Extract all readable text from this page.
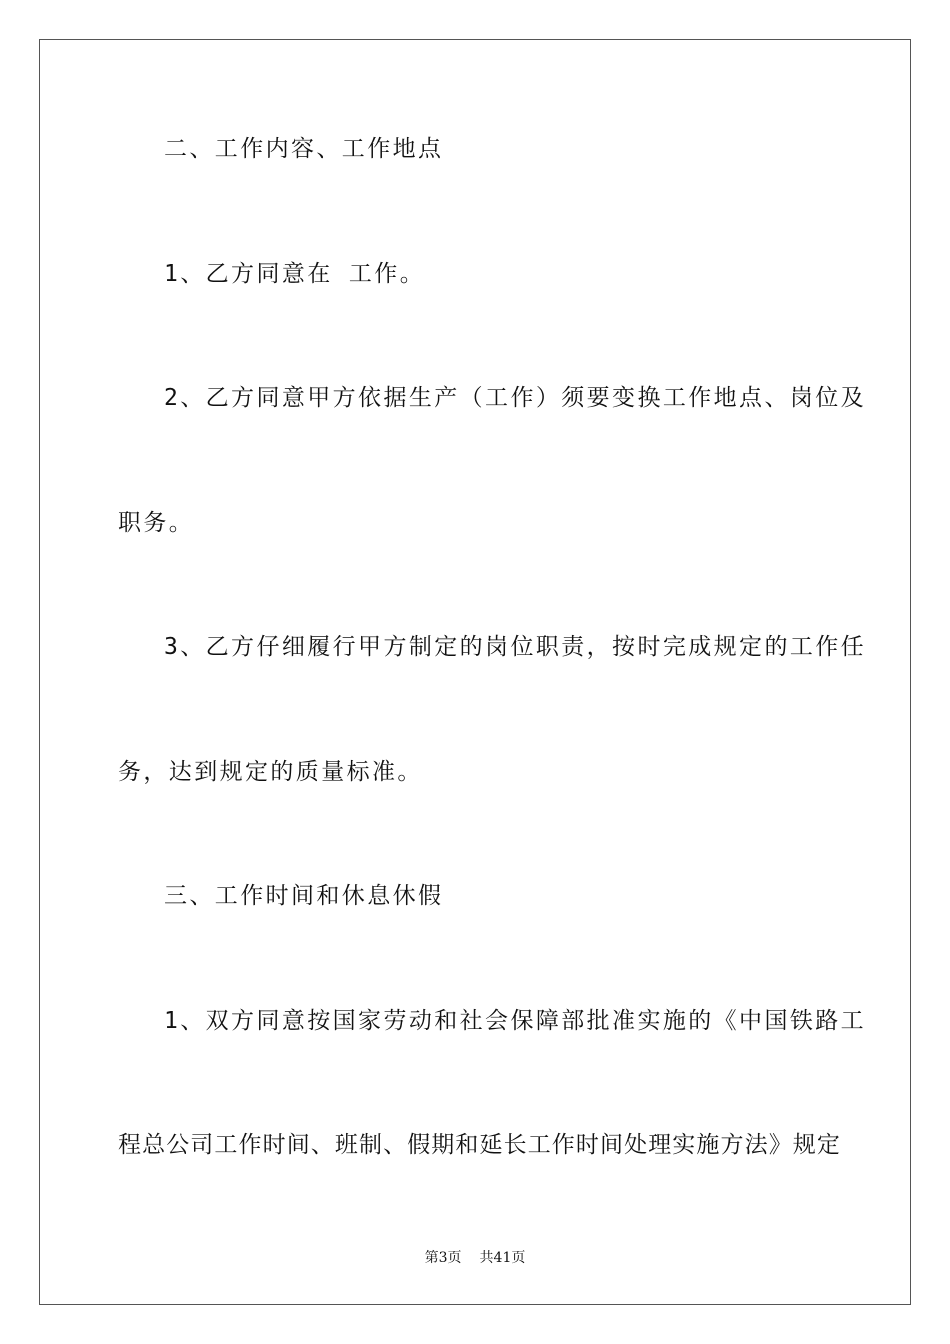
二、工作内容、工作地点
1、乙方同意在 工作。
2、乙方同意甲方依据生产（工作）须要变换工作地点、岗位及
职务。
3、乙方仔细履行甲方制定的岗位职责，按时完成规定的工作任
务，达到规定的质量标准。
三、工作时间和休息休假
1、双方同意按国家劳动和社会保障部批准实施的《中国铁路工
程总公司工作时间、班制、假期和延长工作时间处理实施方法》规定
第3页 共41页
